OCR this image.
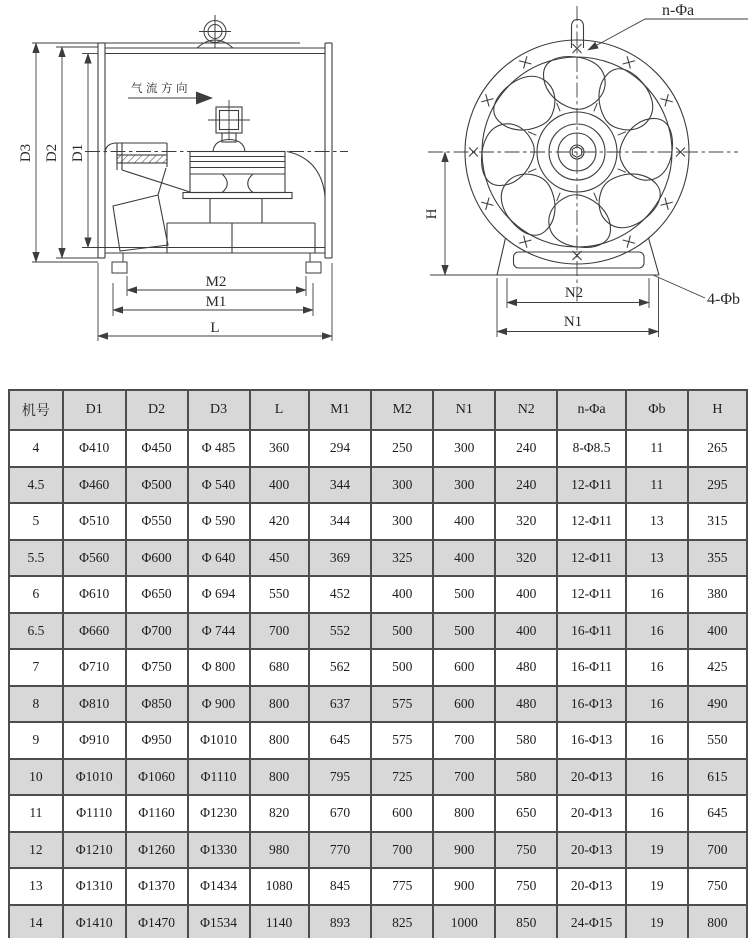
D3 D2 D1
气流方向
M2
M1
L
H
N2
N1
n-Φa
4-Φb
机号	D1	D2	D3	L	M1	M2	N1	N2	n-Φa	Φb	H
4	Φ410	Φ450	Φ 485	360	294	250	300	240	8-Φ8.5	11	265
4.5	Φ460	Φ500	Φ 540	400	344	300	300	240	12-Φ11	11	295
5	Φ510	Φ550	Φ 590	420	344	300	400	320	12-Φ11	13	315
5.5	Φ560	Φ600	Φ 640	450	369	325	400	320	12-Φ11	13	355
6	Φ610	Φ650	Φ 694	550	452	400	500	400	12-Φ11	16	380
6.5	Φ660	Φ700	Φ 744	700	552	500	500	400	16-Φ11	16	400
7	Φ710	Φ750	Φ 800	680	562	500	600	480	16-Φ11	16	425
8	Φ810	Φ850	Φ 900	800	637	575	600	480	16-Φ13	16	490
9	Φ910	Φ950	Φ1010	800	645	575	700	580	16-Φ13	16	550
10	Φ1010	Φ1060	Φ1110	800	795	725	700	580	20-Φ13	16	615
11	Φ1110	Φ1160	Φ1230	820	670	600	800	650	20-Φ13	16	645
12	Φ1210	Φ1260	Φ1330	980	770	700	900	750	20-Φ13	19	700
13	Φ1310	Φ1370	Φ1434	1080	845	775	900	750	20-Φ13	19	750
14	Φ1410	Φ1470	Φ1534	1140	893	825	1000	850	24-Φ15	19	800
